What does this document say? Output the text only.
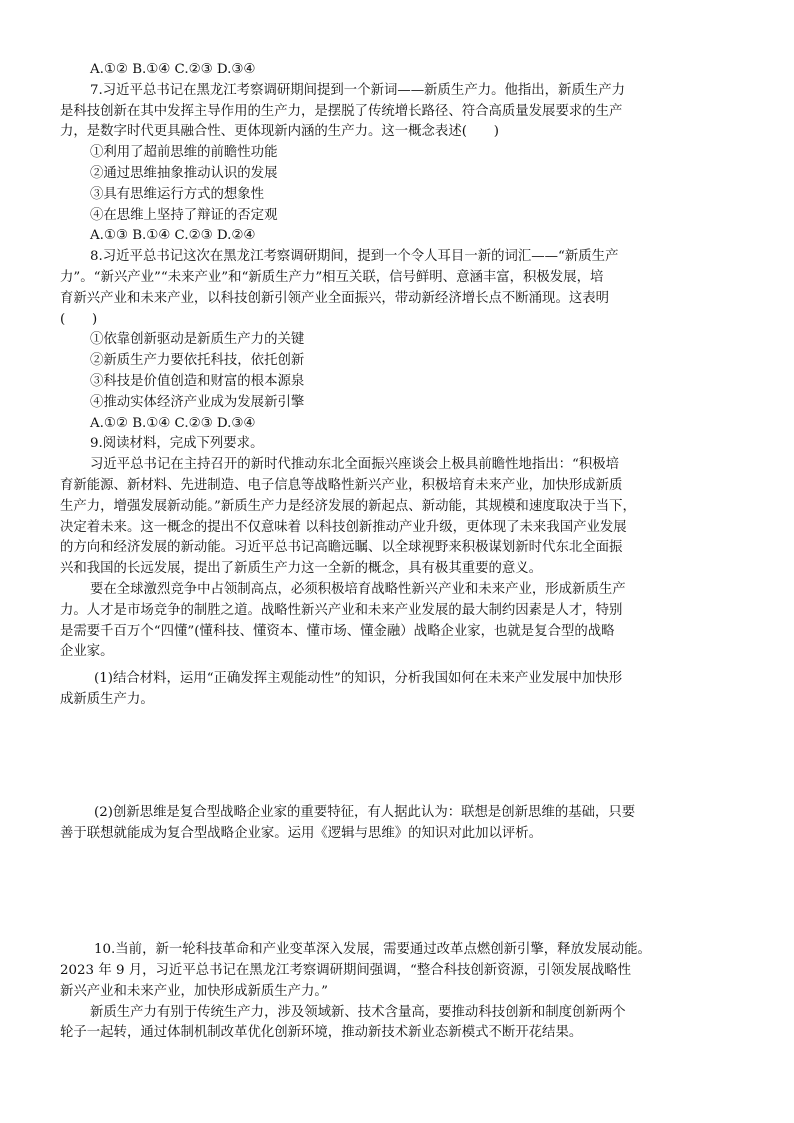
A.①② B.①④ C.②③ D.③④
7.习近平总书记在黑龙江考察调研期间提到一个新词——新质生产力。他指出，新质生产力
是科技创新在其中发挥主导作用的生产力，是摆脱了传统增长路径、符合高质量发展要求的生产
力，是数字时代更具融合性、更体现新内涵的生产力。这一概念表述(　　)
①利用了超前思维的前瞻性功能
②通过思维抽象推动认识的发展
③具有思维运行方式的想象性
④在思维上坚持了辩证的否定观
A.①③ B.①④ C.②③ D.②④
8.习近平总书记这次在黑龙江考察调研期间，提到一个令人耳目一新的词汇——“新质生产
力”。“新兴产业”“未来产业”和“新质生产力”相互关联，信号鲜明、意涵丰富，积极发展，培
育新兴产业和未来产业，以科技创新引领产业全面振兴，带动新经济增长点不断涌现。这表明
(　　)
①依靠创新驱动是新质生产力的关键
②新质生产力要依托科技，依托创新
③科技是价值创造和财富的根本源泉
④推动实体经济产业成为发展新引擎
A.①② B.①④ C.②③ D.③④
9.阅读材料，完成下列要求。
习近平总书记在主持召开的新时代推动东北全面振兴座谈会上极具前瞻性地指出：“积极培
育新能源、新材料、先进制造、电子信息等战略性新兴产业，积极培育未来产业，加快形成新质
生产力，增强发展新动能。”新质生产力是经济发展的新起点、新动能，其规模和速度取决于当下，
决定着未来。这一概念的提出不仅意味着 以科技创新推动产业升级，更体现了未来我国产业发展
的方向和经济发展的新动能。习近平总书记高瞻远瞩、以全球视野来积极谋划新时代东北全面振
兴和我国的长远发展，提出了新质生产力这一全新的概念，具有极其重要的意义。
要在全球激烈竞争中占领制高点，必须积极培育战略性新兴产业和未来产业，形成新质生产
力。人才是市场竞争的制胜之道。战略性新兴产业和未来产业发展的最大制约因素是人才，特别
是需要千百万个“四懂”(懂科技、懂资本、懂市场、懂金融）战略企业家，也就是复合型的战略
企业家。
(1)结合材料，运用“正确发挥主观能动性”的知识，分析我国如何在未来产业发展中加快形
成新质生产力。
(2)创新思维是复合型战略企业家的重要特征，有人据此认为：联想是创新思维的基础，只要
善于联想就能成为复合型战略企业家。运用《逻辑与思维》的知识对此加以评析。
10.当前，新一轮科技革命和产业变革深入发展，需要通过改革点燃创新引擎，释放发展动能。
2023 年 9 月，习近平总书记在黑龙江考察调研期间强调，“整合科技创新资源，引领发展战略性
新兴产业和未来产业，加快形成新质生产力。”
新质生产力有别于传统生产力，涉及领域新、技术含量高，要推动科技创新和制度创新两个
轮子一起转，通过体制机制改革优化创新环境，推动新技术新业态新模式不断开花结果。
